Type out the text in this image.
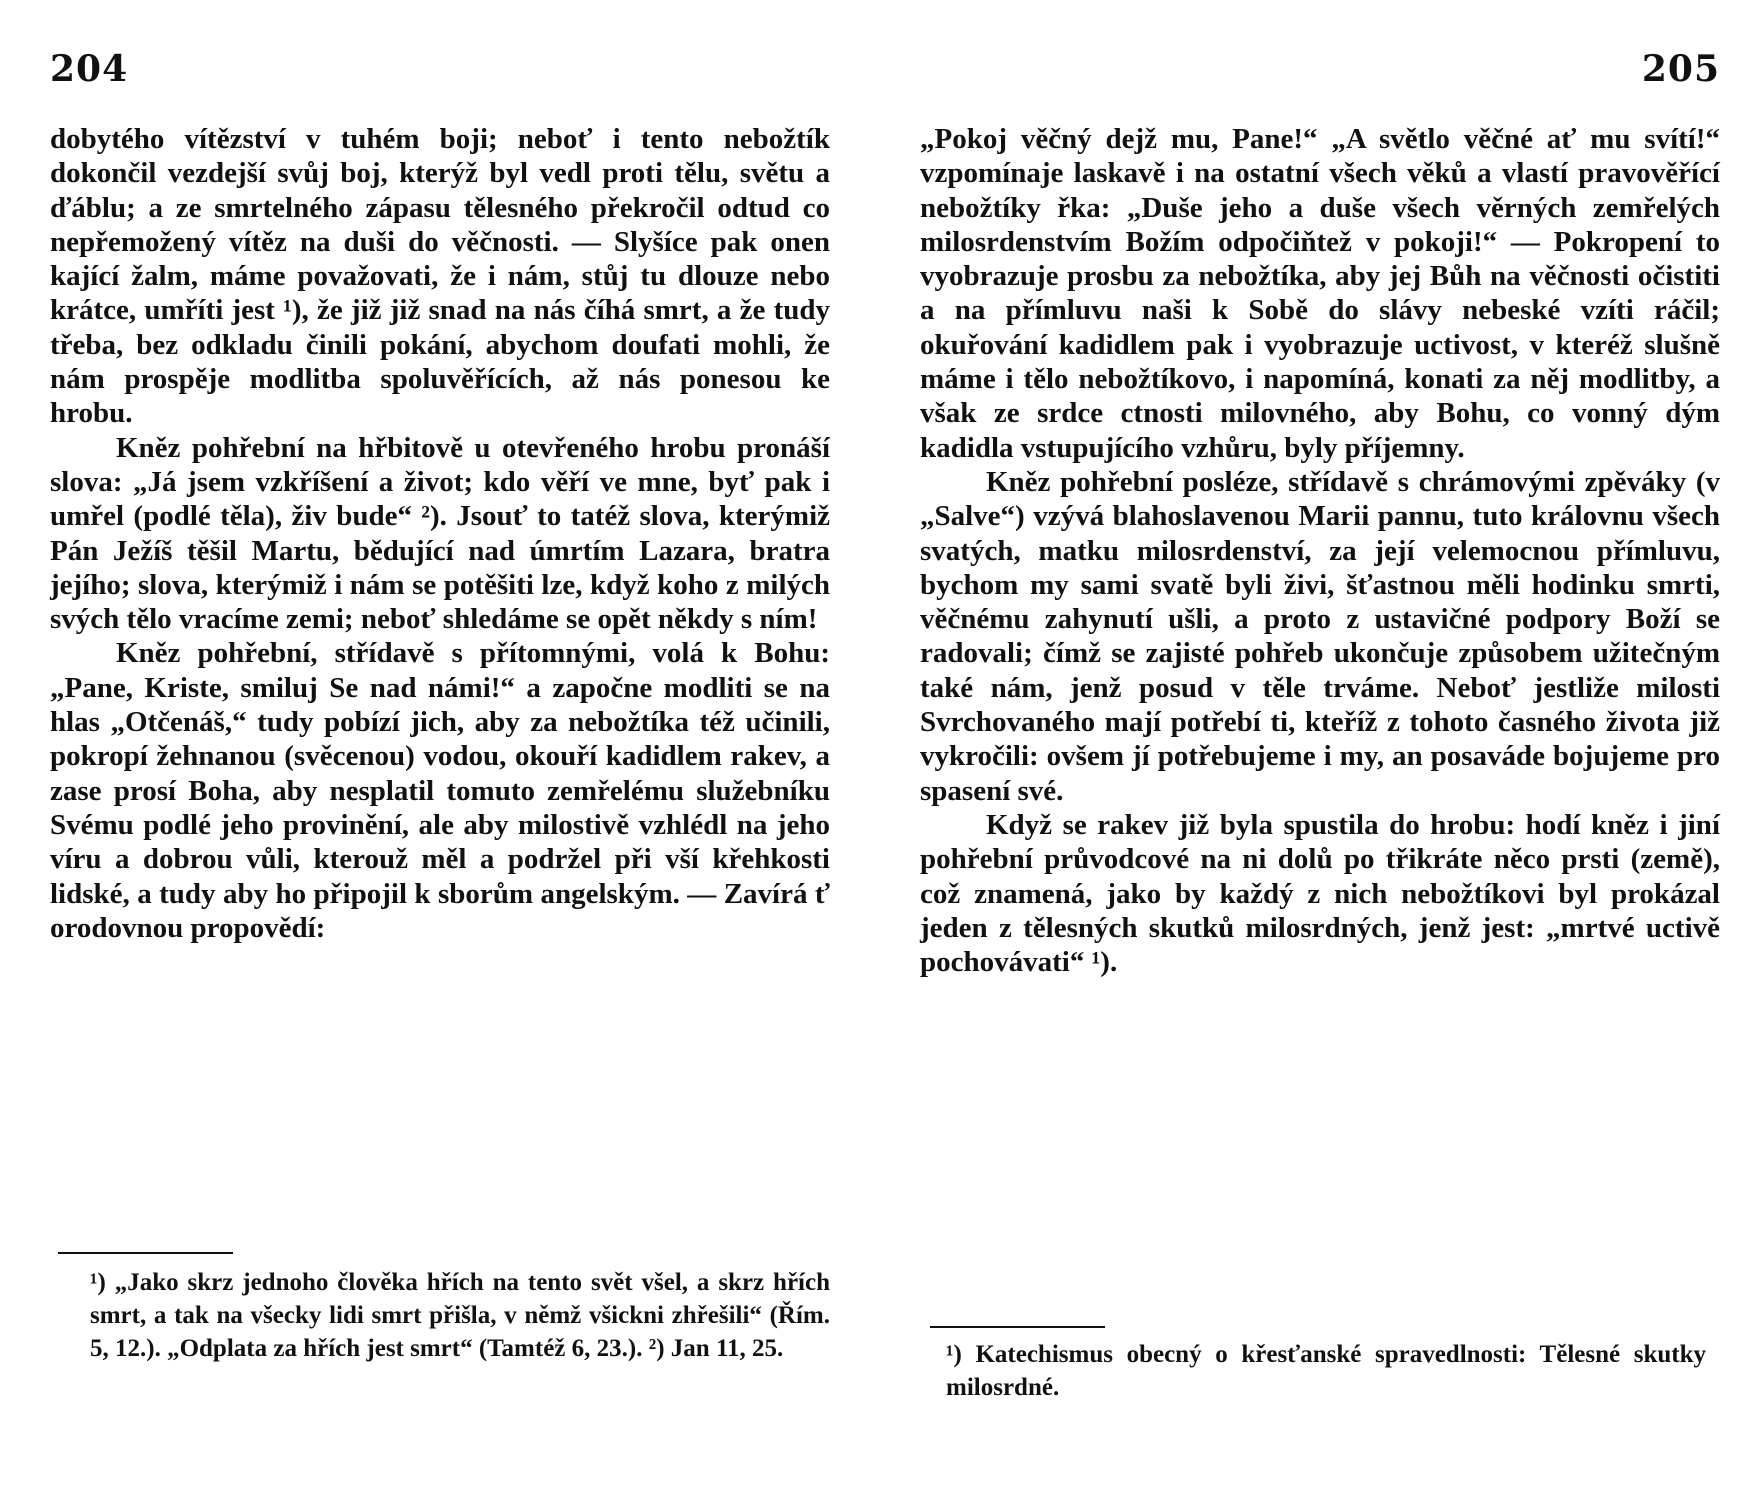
204

dobytého vítězství v tuhém boji; neboť i tento nebožtík dokončil vezdejší svůj boj, kterýž byl vedl proti tělu, světu a ďáblu; a ze smrtelného zápasu tělesného překročil odtud co nepřemožený vítěz na duši do věčnosti. — Slyšíce pak onen kající žalm, máme považovati, že i nám, stůj tu dlouze nebo krátce, umříti jest ¹), že již již snad na nás číhá smrt, a že tudy třeba, bez odkladu činili pokání, abychom doufati mohli, že nám prospěje modlitba spoluvěřících, až nás ponesou ke hrobu.

Kněz pohřební na hřbitově u otevřeného hrobu pronáší slova: „Já jsem vzkříšení a život; kdo věří ve mne, byť pak i umřel (podlé těla), živ bude“ ²). Jsouť to tatéž slova, kterýmiž Pán Ježíš těšil Martu, bědující nad úmrtím Lazara, bratra jejího; slova, kterýmiž i nám se potěšiti lze, když koho z milých svých tělo vracíme zemi; neboť shledáme se opět někdy s ním!

Kněz pohřební, střídavě s přítomnými, volá k Bohu: „Pane, Kriste, smiluj Se nad námi!“ a započne modliti se na hlas „Otčenáš,“ tudy pobízí jich, aby za nebožtíka též učinili, pokropí žehnanou (svěcenou) vodou, okouří kadidlem rakev, a zase prosí Boha, aby nesplatil tomuto zemřelému služebníku Svému podlé jeho provinění, ale aby milostivě vzhlédl na jeho víru a dobrou vůli, kterouž měl a podržel při vší křehkosti lidské, a tudy aby ho připojil k sborům angelským. — Zavírá ť orodovnou propovědí:

¹) „Jako skrz jednoho člověka hřích na tento svět všel, a skrz hřích smrt, a tak na všecky lidi smrt přišla, v němž všickni zhřešili“ (Řím. 5, 12.). „Odplata za hřích jest smrt“ (Tamtéž 6, 23.). ²) Jan 11, 25.
205

„Pokoj věčný dejž mu, Pane!“ „A světlo věčné ať mu svítí!“ vzpomínaje laskavě i na ostatní všech věků a vlastí pravověřící nebožtíky řka: „Duše jeho a duše všech věrných zemřelých milosrdenstvím Božím odpočiňtež v pokoji!“ — Pokropení to vyobrazuje prosbu za nebožtíka, aby jej Bůh na věčnosti očistiti a na přímluvu naši k Sobě do slávy nebeské vzíti ráčil; okuřování kadidlem pak i vyobrazuje uctivost, v kteréž slušně máme i tělo nebožtíkovo, i napomíná, konati za něj modlitby, a však ze srdce ctnosti milovného, aby Bohu, co vonný dým kadidla vstupujícího vzhůru, byly příjemny.

Kněz pohřební posléze, střídavě s chrámovými zpěváky (v „Salve“) vzývá blahoslavenou Marii pannu, tuto královnu všech svatých, matku milosrdenství, za její velemocnou přímluvu, bychom my sami svatě byli živi, šťastnou měli hodinku smrti, věčnému zahynutí ušli, a proto z ustavičné podpory Boží se radovali; čímž se zajisté pohřeb ukončuje způsobem užitečným také nám, jenž posud v těle trváme. Neboť jestliže milosti Svrchovaného mají potřebí ti, kteříž z tohoto časného života již vykročili: ovšem jí potřebujeme i my, an posaváde bojujeme pro spasení své.

Když se rakev již byla spustila do hrobu: hodí kněz i jiní pohřební průvodcové na ni dolů po třikráte něco prsti (země), což znamená, jako by každý z nich nebožtíkovi byl prokázal jeden z tělesných skutků milosrdných, jenž jest: „mrtvé uctivě pochovávati“ ¹).

¹) Katechismus obecný o křesťanské spravedlnosti: Tělesné skutky milosrdné.
